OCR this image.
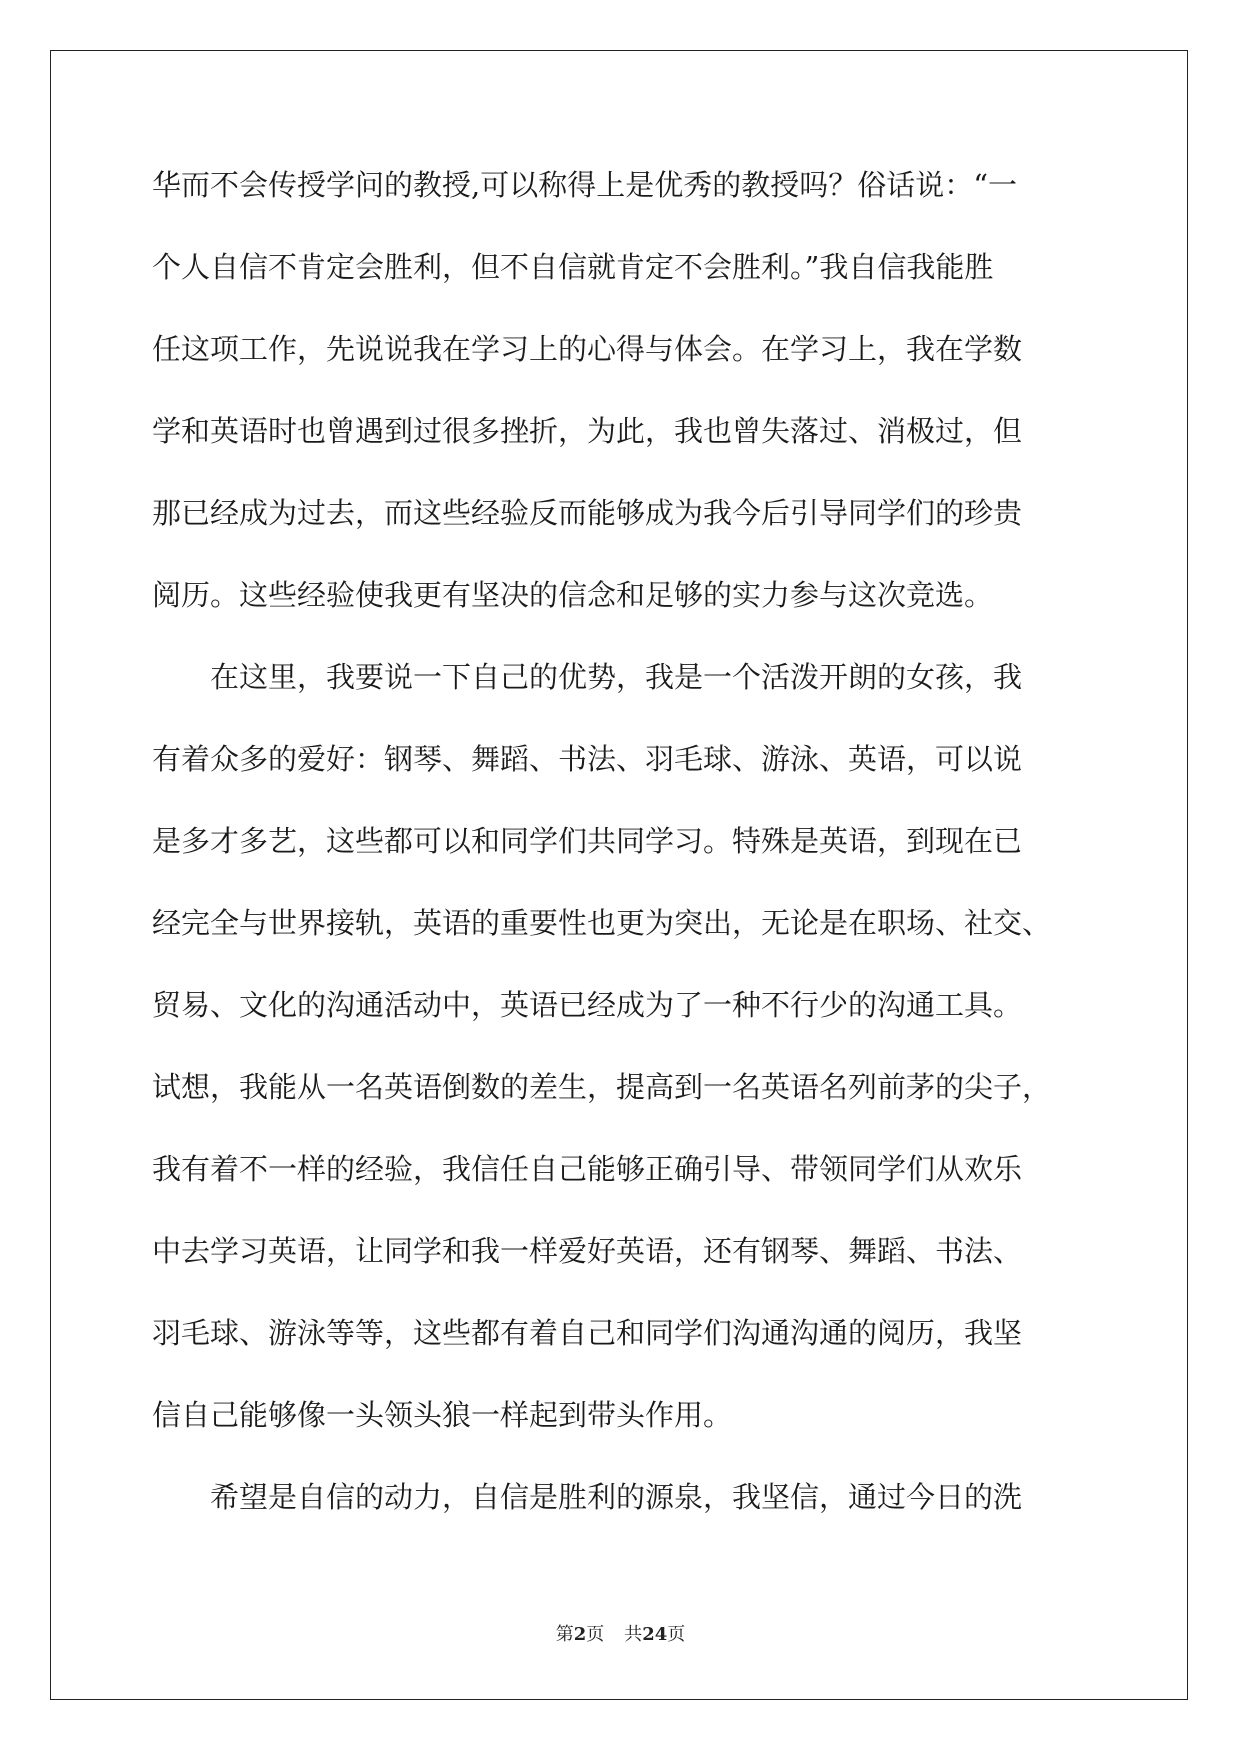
华而不会传授学问的教授,可以称得上是优秀的教授吗？俗话说：“一
个人自信不肯定会胜利，但不自信就肯定不会胜利。”我自信我能胜
任这项工作，先说说我在学习上的心得与体会。在学习上，我在学数
学和英语时也曾遇到过很多挫折，为此，我也曾失落过、消极过，但
那已经成为过去，而这些经验反而能够成为我今后引导同学们的珍贵
阅历。这些经验使我更有坚决的信念和足够的实力参与这次竞选。
　　在这里，我要说一下自己的优势，我是一个活泼开朗的女孩，我
有着众多的爱好：钢琴、舞蹈、书法、羽毛球、游泳、英语，可以说
是多才多艺，这些都可以和同学们共同学习。特殊是英语，到现在已
经完全与世界接轨，英语的重要性也更为突出，无论是在职场、社交、
贸易、文化的沟通活动中，英语已经成为了一种不行少的沟通工具。
试想，我能从一名英语倒数的差生，提高到一名英语名列前茅的尖子，
我有着不一样的经验，我信任自己能够正确引导、带领同学们从欢乐
中去学习英语，让同学和我一样爱好英语，还有钢琴、舞蹈、书法、
羽毛球、游泳等等，这些都有着自己和同学们沟通沟通的阅历，我坚
信自己能够像一头领头狼一样起到带头作用。
　　希望是自信的动力，自信是胜利的源泉，我坚信，通过今日的洗
第2页 共24页
